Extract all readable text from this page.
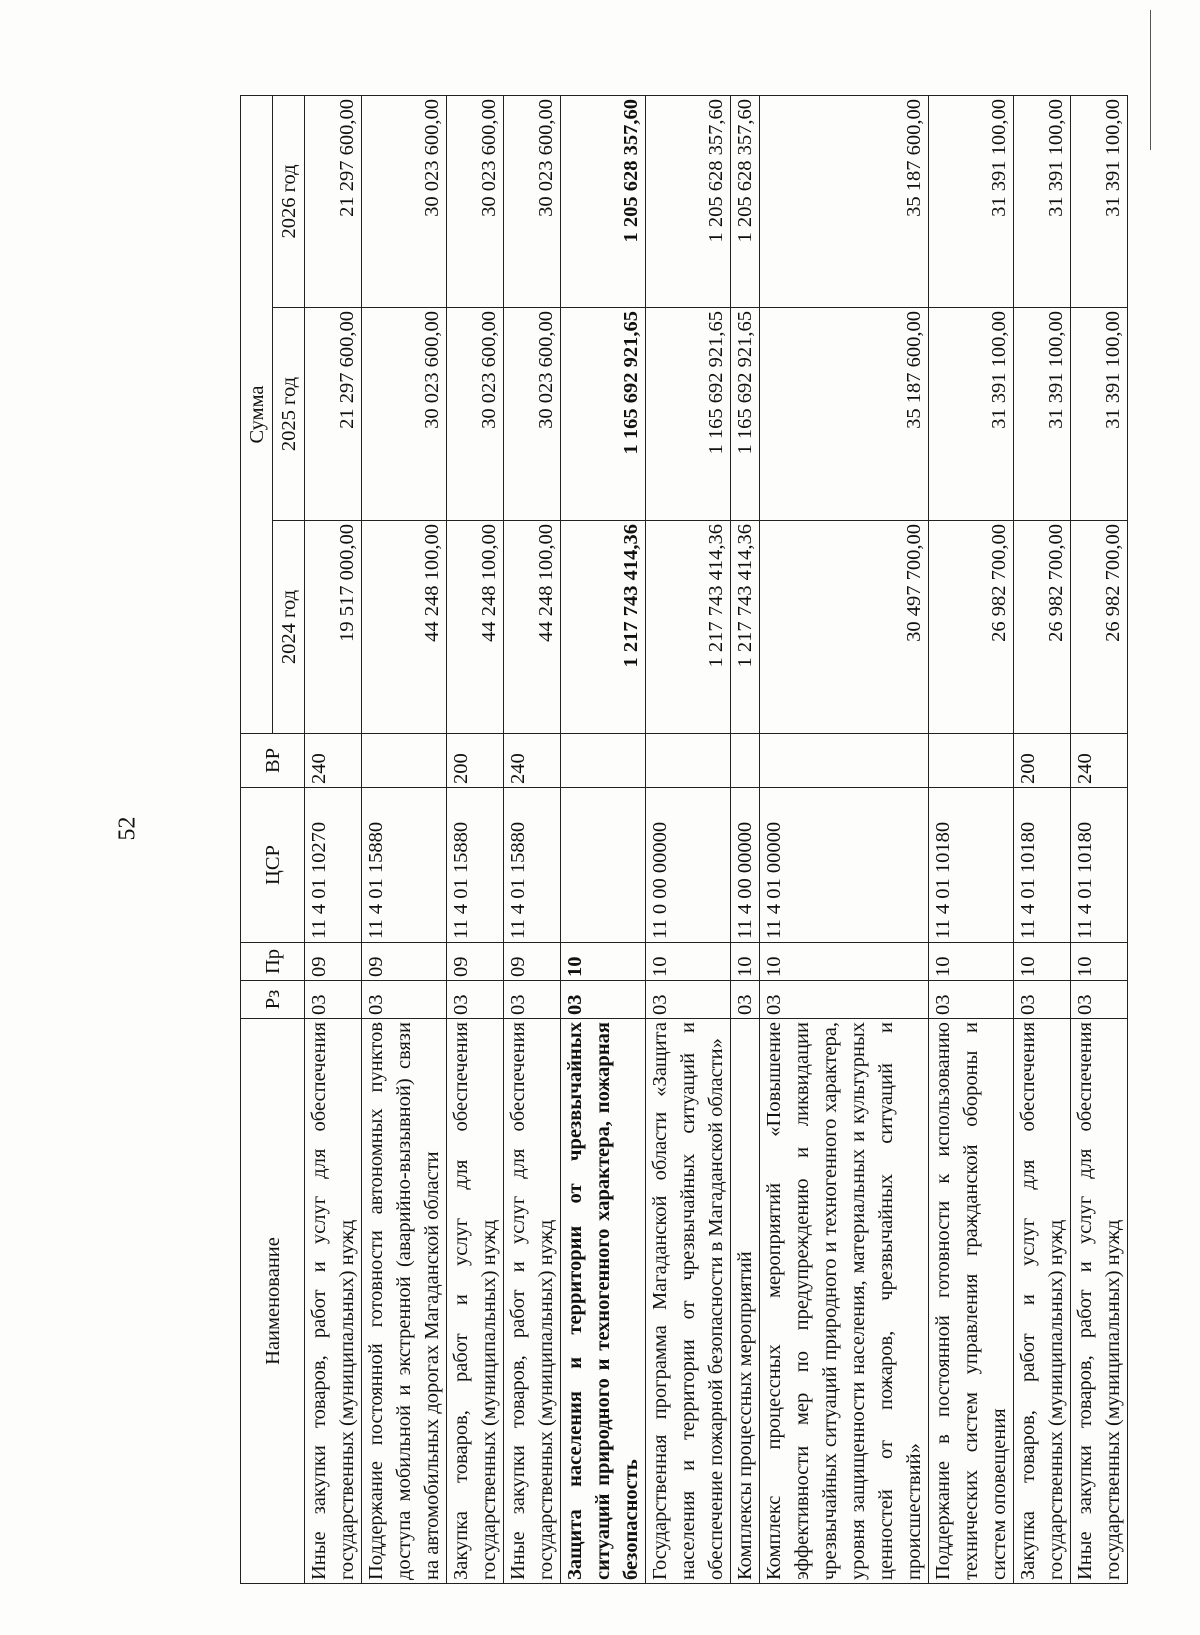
52
Наименование	Рз	Пр	ЦСР	ВР	Сумма		
					2024 год	2025 год	2026 год
Иные закупки товаров, работ и услуг для обеспечения государственных (муниципальных) нужд	03	09	11 4 01 10270	240	19 517 000,00	21 297 600,00	21 297 600,00
Поддержание постоянной готовности автономных пунктов доступа мобильной и экстренной (аварийно-вызывной) связи на автомобильных дорогах Магаданской области	03	09	11 4 01 15880		44 248 100,00	30 023 600,00	30 023 600,00
Закупка товаров, работ и услуг для обеспечения государственных (муниципальных) нужд	03	09	11 4 01 15880	200	44 248 100,00	30 023 600,00	30 023 600,00
Иные закупки товаров, работ и услуг для обеспечения государственных (муниципальных) нужд	03	09	11 4 01 15880	240	44 248 100,00	30 023 600,00	30 023 600,00
Защита населения и территории от чрезвычайных ситуаций природного и техногенного характера, пожарная безопасность	03	10			1 217 743 414,36	1 165 692 921,65	1 205 628 357,60
Государственная программа Магаданской области «Защита населения и территории от чрезвычайных ситуаций и обеспечение пожарной безопасности в Магаданской области»	03	10	11 0 00 00000		1 217 743 414,36	1 165 692 921,65	1 205 628 357,60
Комплексы процессных мероприятий	03	10	11 4 00 00000		1 217 743 414,36	1 165 692 921,65	1 205 628 357,60
Комплекс процессных мероприятий «Повышение эффективности мер по предупреждению и ликвидации чрезвычайных ситуаций природного и техногенного характера, уровня защищенности населения, материальных и культурных ценностей от пожаров, чрезвычайных ситуаций и происшествий»	03	10	11 4 01 00000		30 497 700,00	35 187 600,00	35 187 600,00
Поддержание в постоянной готовности к использованию технических систем управления гражданской обороны и систем оповещения	03	10	11 4 01 10180		26 982 700,00	31 391 100,00	31 391 100,00
Закупка товаров, работ и услуг для обеспечения государственных (муниципальных) нужд	03	10	11 4 01 10180	200	26 982 700,00	31 391 100,00	31 391 100,00
Иные закупки товаров, работ и услуг для обеспечения государственных (муниципальных) нужд	03	10	11 4 01 10180	240	26 982 700,00	31 391 100,00	31 391 100,00
